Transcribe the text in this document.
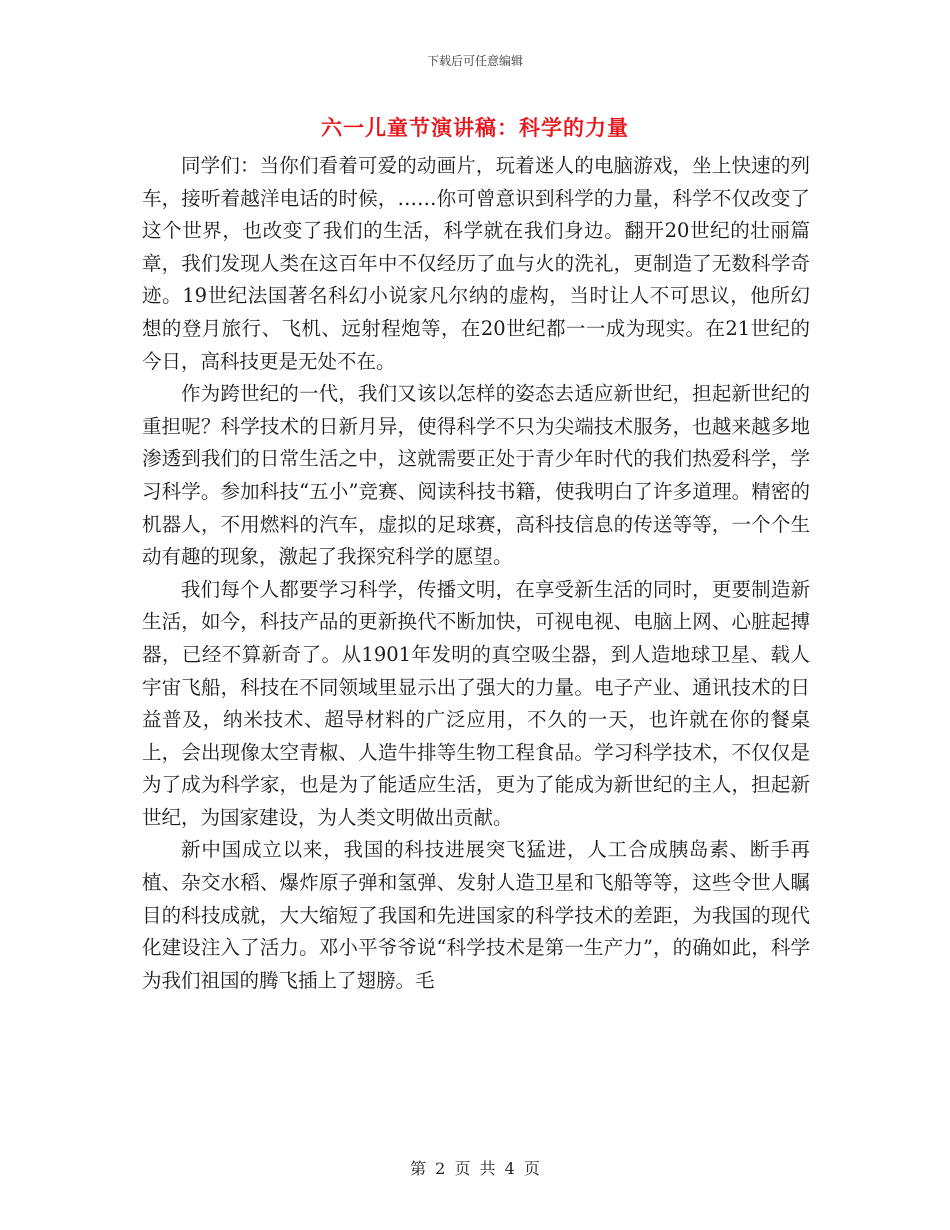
下载后可任意编辑
六一儿童节演讲稿：科学的力量

同学们：当你们看着可爱的动画片，玩着迷人的电脑游戏，坐上快速的列车，接听着越洋电话的时候，……你可曾意识到科学的力量，科学不仅改变了这个世界，也改变了我们的生活，科学就在我们身边。翻开20世纪的壮丽篇章，我们发现人类在这百年中不仅经历了血与火的洗礼，更制造了无数科学奇迹。19世纪法国著名科幻小说家凡尔纳的虚构，当时让人不可思议，他所幻想的登月旅行、飞机、远射程炮等，在20世纪都一一成为现实。在21世纪的今日，高科技更是无处不在。

作为跨世纪的一代，我们又该以怎样的姿态去适应新世纪，担起新世纪的重担呢？科学技术的日新月异，使得科学不只为尖端技术服务，也越来越多地渗透到我们的日常生活之中，这就需要正处于青少年时代的我们热爱科学，学习科学。参加科技“五小”竞赛、阅读科技书籍，使我明白了许多道理。精密的机器人，不用燃料的汽车，虚拟的足球赛，高科技信息的传送等等，一个个生动有趣的现象，激起了我探究科学的愿望。

我们每个人都要学习科学，传播文明，在享受新生活的同时，更要制造新生活，如今，科技产品的更新换代不断加快，可视电视、电脑上网、心脏起搏器，已经不算新奇了。从1901年发明的真空吸尘器，到人造地球卫星、载人宇宙飞船，科技在不同领域里显示出了强大的力量。电子产业、通讯技术的日益普及，纳米技术、超导材料的广泛应用，不久的一天，也许就在你的餐桌上，会出现像太空青椒、人造牛排等生物工程食品。学习科学技术，不仅仅是为了成为科学家，也是为了能适应生活，更为了能成为新世纪的主人，担起新世纪，为国家建设，为人类文明做出贡献。

新中国成立以来，我国的科技进展突飞猛进，人工合成胰岛素、断手再植、杂交水稻、爆炸原子弹和氢弹、发射人造卫星和飞船等等，这些令世人瞩目的科技成就，大大缩短了我国和先进国家的科学技术的差距，为我国的现代化建设注入了活力。邓小平爷爷说“科学技术是第一生产力”，的确如此，科学为我们祖国的腾飞插上了翅膀。毛

第 2 页 共 4 页
